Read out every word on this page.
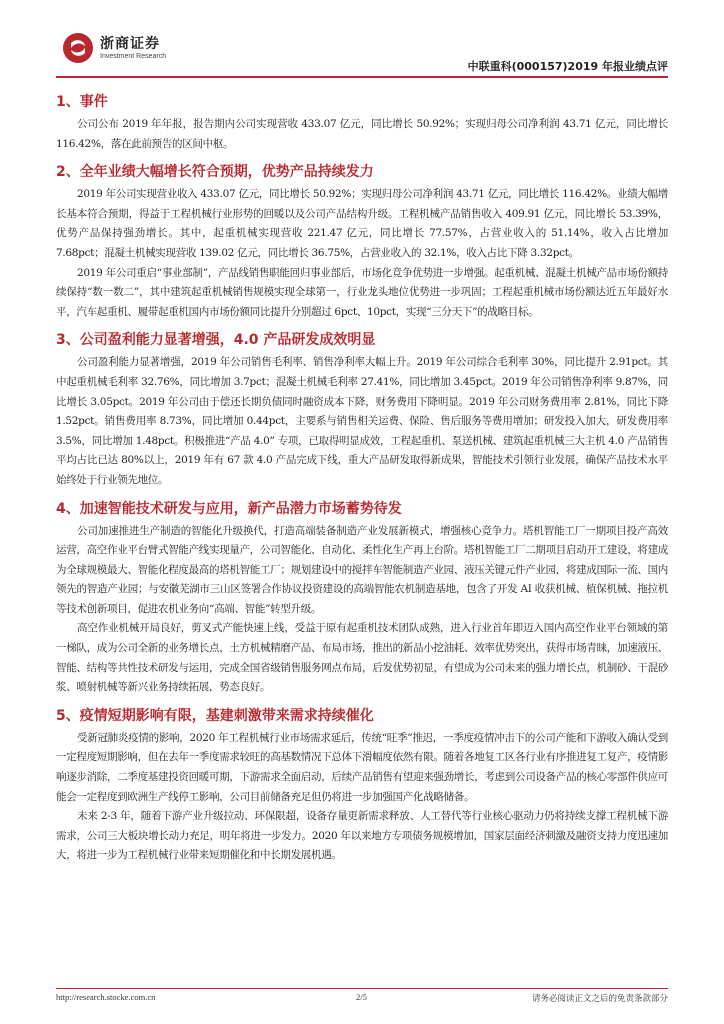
浙商证券
Investment Research
中联重科(000157)2019 年报业绩点评
1、事件

公司公布 2019 年年报，报告期内公司实现营收 433.07 亿元，同比增长 50.92%；实现归母公司净利润 43.71 亿元，同比增长 116.42%，落在此前预告的区间中枢。

2、全年业绩大幅增长符合预期，优势产品持续发力

2019 年公司实现营业收入 433.07 亿元，同比增长 50.92%；实现归母公司净利润 43.71 亿元，同比增长 116.42%。业绩大幅增长基本符合预期，得益于工程机械行业形势的回暖以及公司产品结构升级。工程机械产品销售收入 409.91 亿元，同比增长 53.39%，优势产品保持强劲增长。其中，起重机械实现营收 221.47 亿元，同比增长 77.57%，占营业收入的 51.14%，收入占比增加 7.68pct；混凝土机械实现营收 139.02 亿元，同比增长 36.75%，占营业收入的 32.1%，收入占比下降 3.32pct。

2019 年公司重启“事业部制”，产品线销售职能回归事业部后，市场化竞争优势进一步增强。起重机械、混凝土机械产品市场份额持续保持“数一数二”，其中建筑起重机械销售规模实现全球第一，行业龙头地位优势进一步巩固；工程起重机械市场份额达近五年最好水平，汽车起重机、履带起重机国内市场份额同比提升分别超过 6pct、10pct，实现“三分天下”的战略目标。

3、公司盈利能力显著增强，4.0 产品研发成效明显

公司盈利能力显著增强，2019 年公司销售毛利率、销售净利率大幅上升。2019 年公司综合毛利率 30%，同比提升 2.91pct。其中起重机械毛利率 32.76%，同比增加 3.7pct；混凝土机械毛利率 27.41%，同比增加 3.45pct。2019 年公司销售净利率 9.87%，同比增长 3.05pct。2019 年公司由于偿还长期负债同时融资成本下降，财务费用下降明显。2019 年公司财务费用率 2.81%，同比下降 1.52pct。销售费用率 8.73%，同比增加 0.44pct，主要系与销售相关运费、保险、售后服务等费用增加；研发投入加大，研发费用率 3.5%，同比增加 1.48pct。积极推进“产品 4.0” 专项，已取得明显成效，工程起重机、泵送机械、建筑起重机械三大主机 4.0 产品销售平均占比已达 80%以上，2019 年有 67 款 4.0 产品完成下线，重大产品研发取得新成果，智能技术引领行业发展，确保产品技术水平始终处于行业领先地位。

4、加速智能技术研发与应用，新产品潜力市场蓄势待发

公司加速推进生产制造的智能化升级换代，打造高端装备制造产业发展新模式，增强核心竞争力。塔机智能工厂一期项目投产高效运营，高空作业平台臂式智能产线实现量产，公司智能化、自动化、柔性化生产再上台阶。塔机智能工厂二期项目启动开工建设，将建成为全球规模最大、智能化程度最高的塔机智能工厂；规划建设中的搅拌车智能制造产业园、液压关键元件产业园，将建成国际一流、国内领先的智造产业园；与安徽芜湖市三山区签署合作协议投资建设的高端智能农机制造基地，包含了开发 AI 收获机械、植保机械、拖拉机等技术创新项目，促进农机业务向“高端、智能”转型升级。

高空作业机械开局良好，剪叉式产能快速上线，受益于原有起重机技术团队成熟，进入行业首年即迈入国内高空作业平台领域的第一梯队，成为公司全新的业务增长点，土方机械精磨产品、布局市场，推出的新品小挖油耗、效率优势突出，获得市场青睐，加速液压、智能、结构等共性技术研发与运用，完成全国省级销售服务网点布局，后发优势初显，有望成为公司未来的强力增长点，机制砂、干混砂浆、喷射机械等新兴业务持续拓展，势态良好。

5、疫情短期影响有限，基建刺激带来需求持续催化

受新冠肺炎疫情的影响，2020 年工程机械行业市场需求延后，传统“旺季”推迟，一季度疫情冲击下的公司产能和下游收入确认受到一定程度短期影响，但在去年一季度需求较旺的高基数情况下总体下滑幅度依然有限。随着各地复工区各行业有序推进复工复产，疫情影响逐步消除，二季度基建投资回暖可期，下游需求全面启动，后续产品销售有望迎来强劲增长，考虑到公司设备产品的核心零部件供应可能会一定程度到欧洲生产线停工影响，公司目前储备充足但仍将进一步加强国产化战略储备。

未来 2-3 年，随着下游产业升级拉动、环保限超，设备存量更新需求释放、人工替代等行业核心驱动力仍将持续支撑工程机械下游需求，公司三大板块增长动力充足，明年将进一步发力。2020 年以来地方专项债务规模增加，国家层面经济刺激及融资支持力度迅速加大，将进一步为工程机械行业带来短期催化和中长期发展机遇。

http://research.stocke.com.cn	2/5	请务必阅读正文之后的免责条款部分
